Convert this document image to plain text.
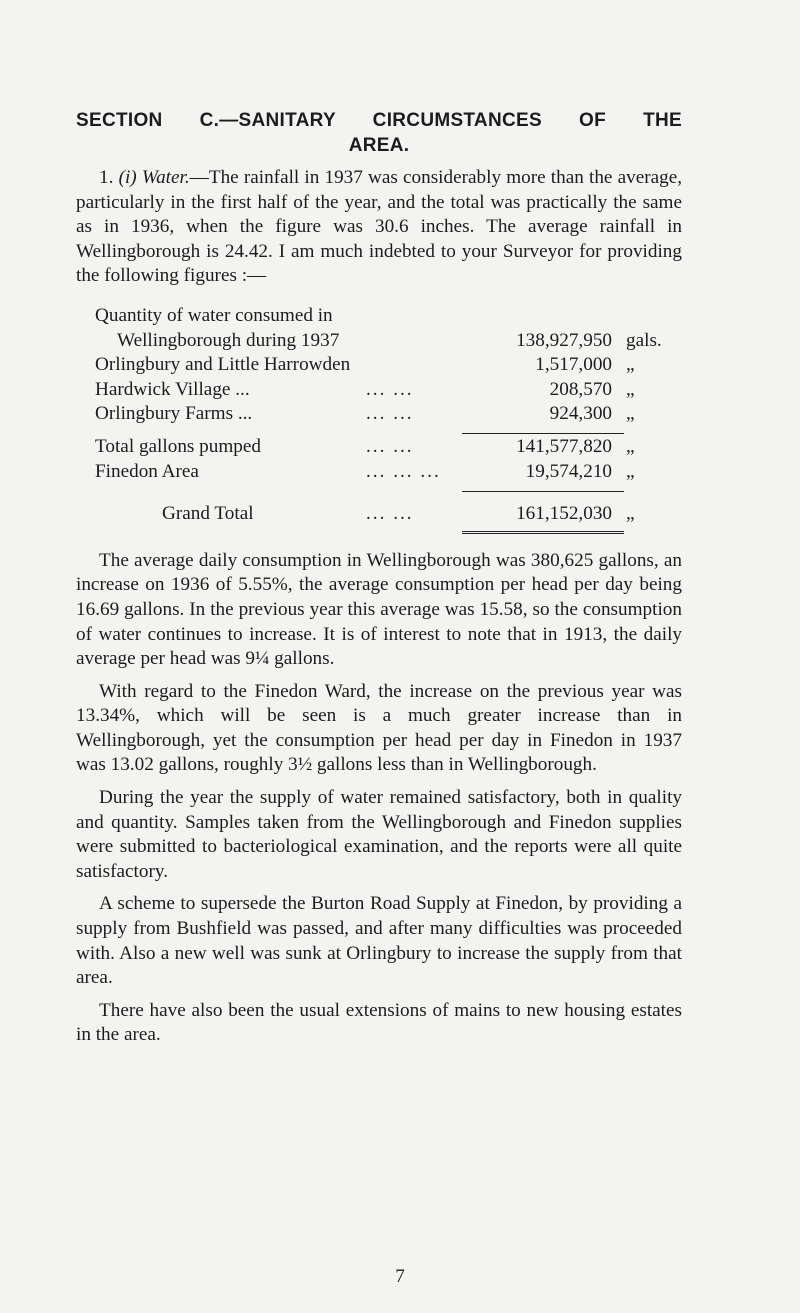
SECTION C.—SANITARY CIRCUMSTANCES OF THE
AREA.

1. (i) Water.—The rainfall in 1937 was considerably more than the average, particularly in the first half of the year, and the total was practically the same as in 1936, when the figure was 30.6 inches. The average rainfall in Wellingborough is 24.42. I am much indebted to your Surveyor for providing the following figures :—

Quantity of water consumed in
Wellingborough during 1937	138,927,950 gals.
Orlingbury and Little Harrowden	1,517,000 „
Hardwick Village ...	... ...	208,570 „
Orlingbury Farms ...	... ...	924,300 „
Total gallons pumped	... ...	141,577,820 „
Finedon Area	... ... ...	19,574,210 „
Grand Total	... ...	161,152,030 „

The average daily consumption in Wellingborough was 380,625 gallons, an increase on 1936 of 5.55%, the average consumption per head per day being 16.69 gallons. In the previous year this average was 15.58, so the consumption of water continues to increase. It is of interest to note that in 1913, the daily average per head was 9¼ gallons.

With regard to the Finedon Ward, the increase on the previous year was 13.34%, which will be seen is a much greater increase than in Wellingborough, yet the consumption per head per day in Finedon in 1937 was 13.02 gallons, roughly 3½ gallons less than in Wellingborough.

During the year the supply of water remained satisfactory, both in quality and quantity. Samples taken from the Wellingborough and Finedon supplies were submitted to bacteriological examination, and the reports were all quite satisfactory.

A scheme to supersede the Burton Road Supply at Finedon, by providing a supply from Bushfield was passed, and after many difficulties was proceeded with. Also a new well was sunk at Orlingbury to increase the supply from that area.

There have also been the usual extensions of mains to new housing estates in the area.

7
